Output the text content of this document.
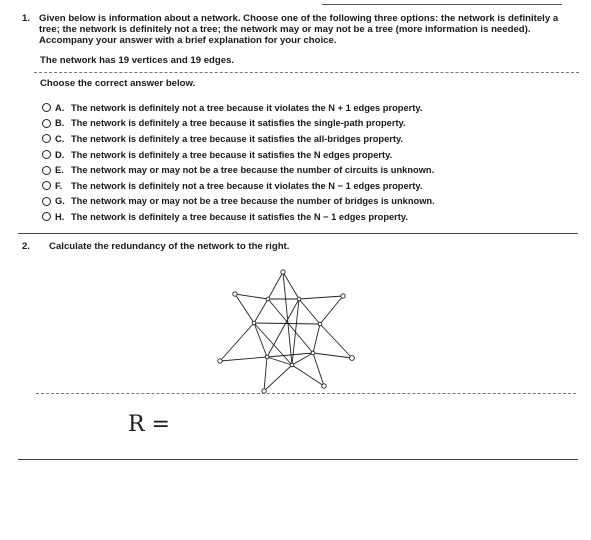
1. Given below is information about a network. Choose one of the following three options: the network is definitely a tree; the network is definitely not a tree; the network may or may not be a tree (more information is needed). Accompany your answer with a brief explanation for your choice.
The network has 19 vertices and 19 edges.
Choose the correct answer below.
A. The network is definitely not a tree because it violates the N + 1 edges property.
B. The network is definitely a tree because it satisfies the single-path property.
C. The network is definitely a tree because it satisfies the all-bridges property.
D. The network is definitely a tree because it satisfies the N edges property.
E. The network may or may not be a tree because the number of circuits is unknown.
F. The network is definitely not a tree because it violates the N − 1 edges property.
G. The network may or may not be a tree because the number of bridges is unknown.
H. The network is definitely a tree because it satisfies the N − 1 edges property.
2. Calculate the redundancy of the network to the right.
R =
